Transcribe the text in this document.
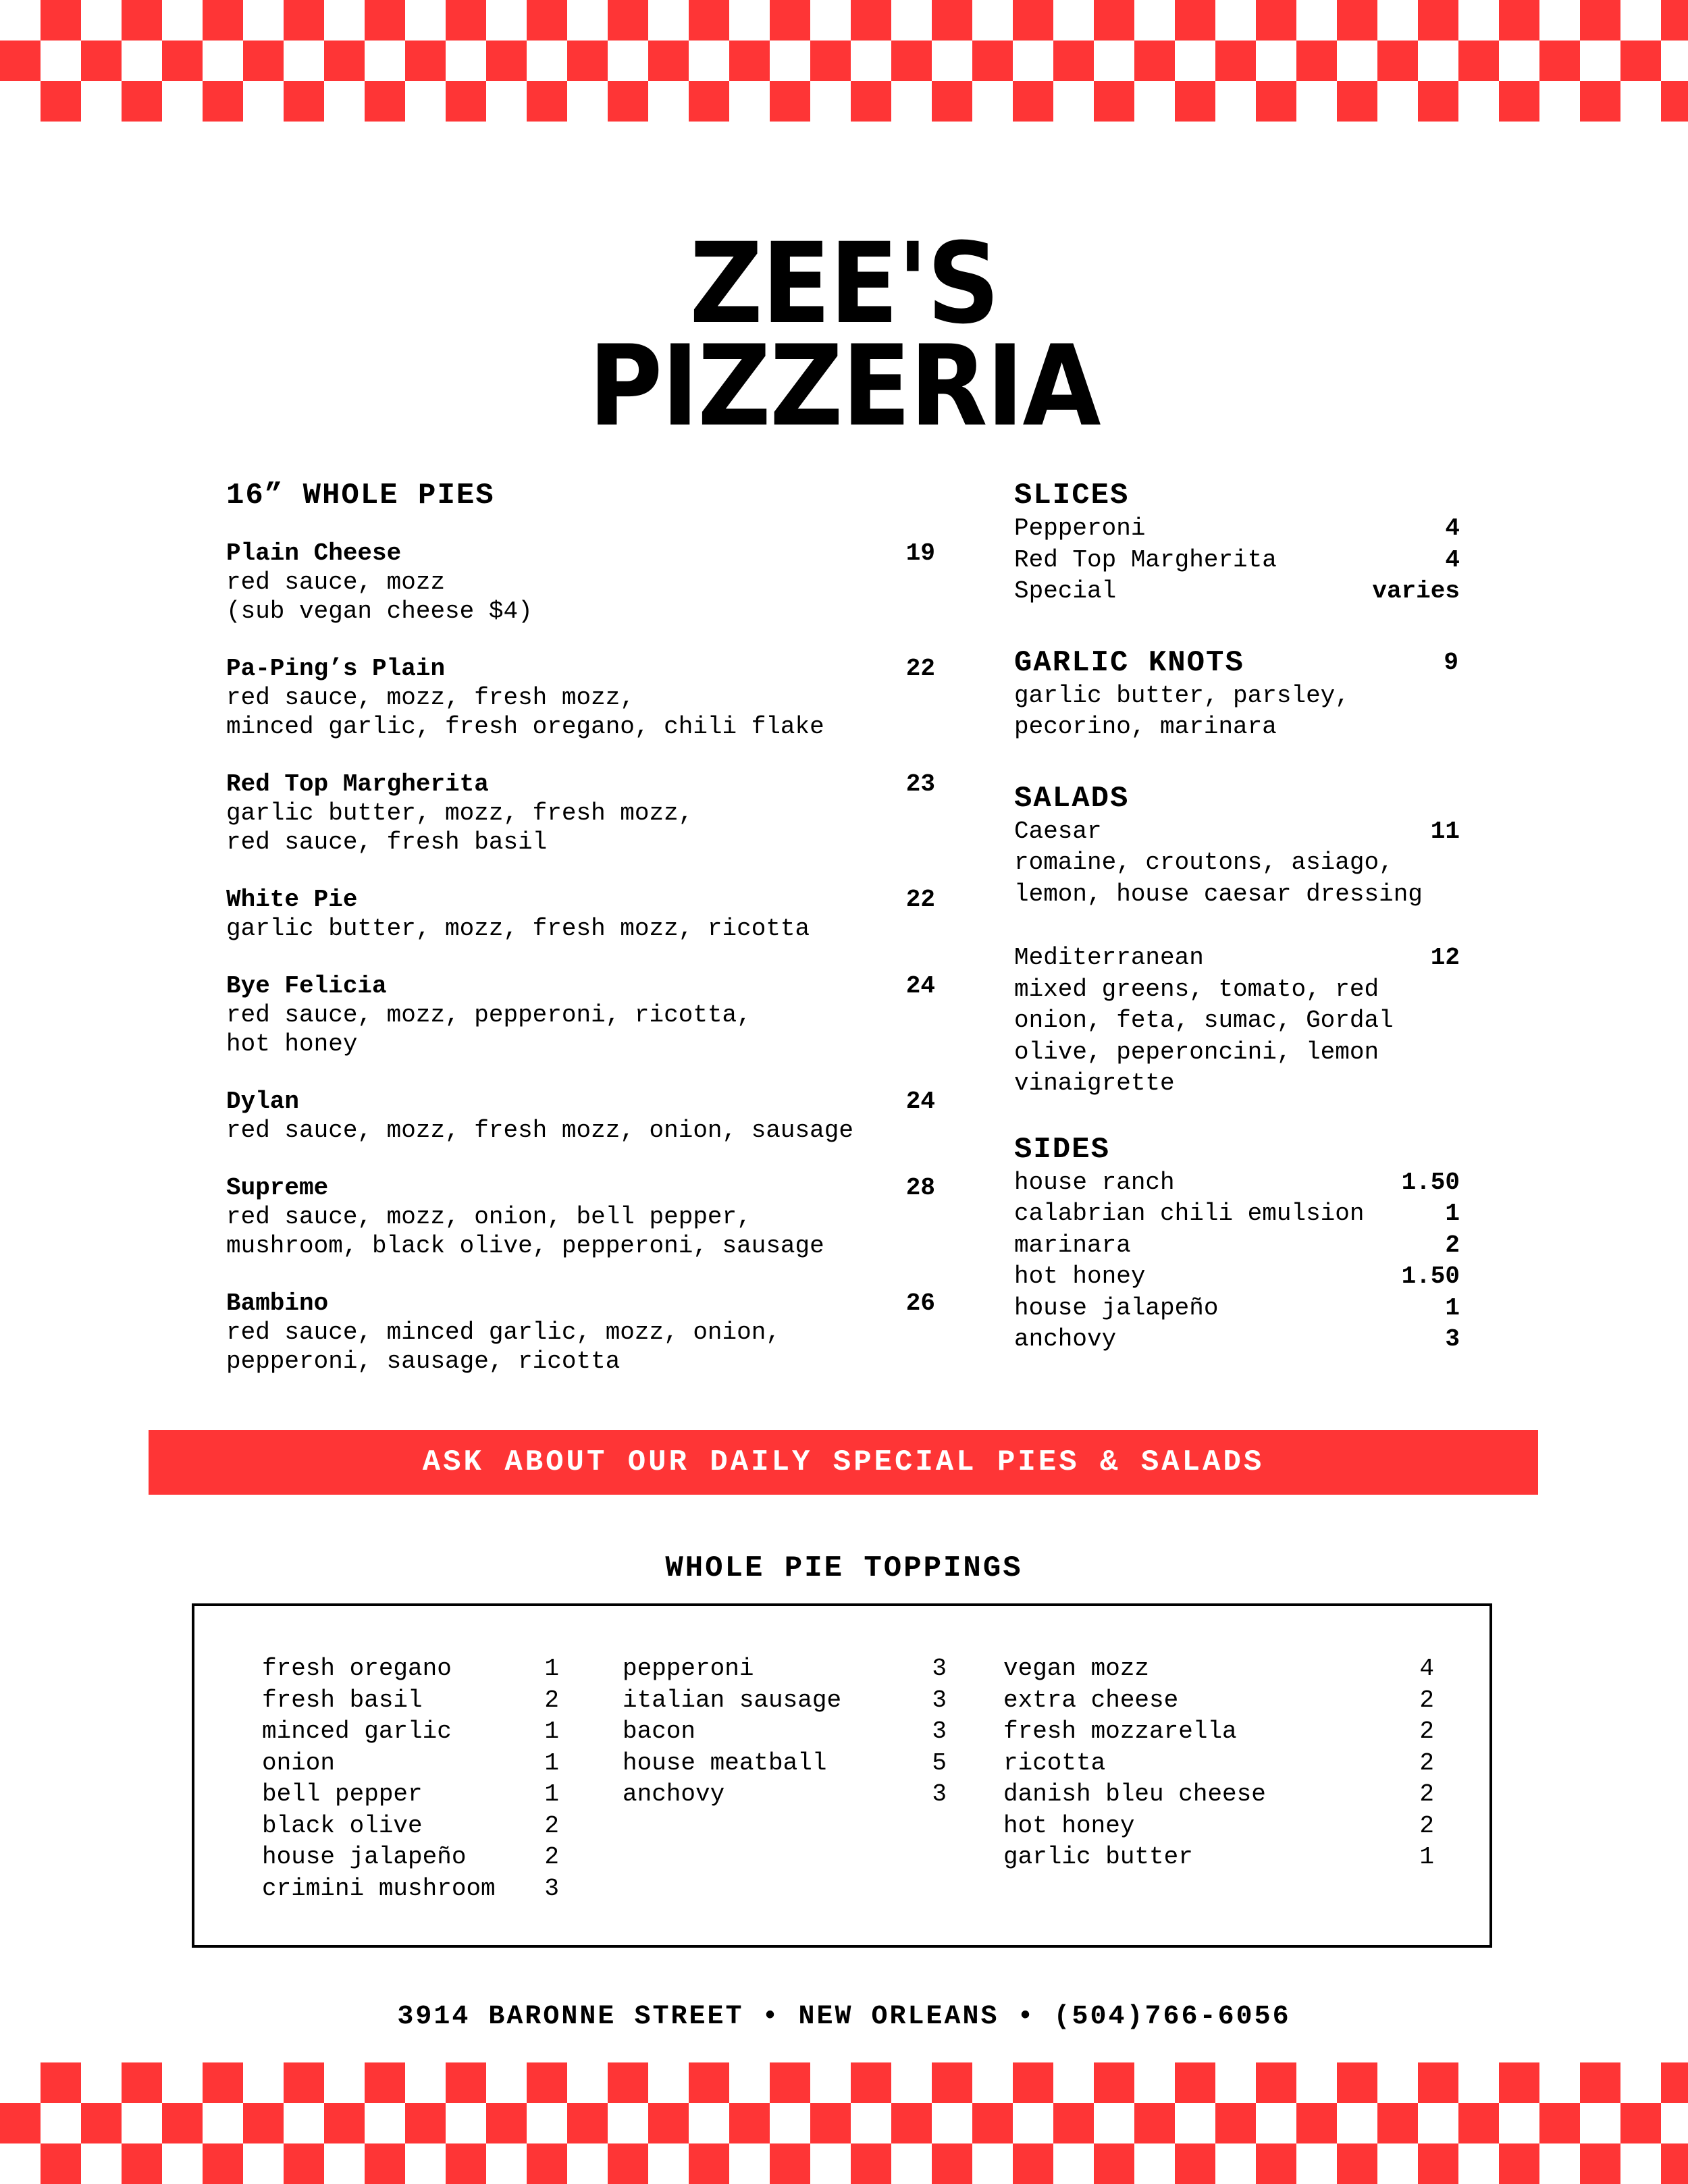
ZEE'S
PIZZERIA
16” WHOLE PIES
Plain Cheese	19
red sauce, mozz
(sub vegan cheese $4)
Pa-Ping’s Plain	22
red sauce, mozz, fresh mozz,
minced garlic, fresh oregano, chili flake
Red Top Margherita	23
garlic butter, mozz, fresh mozz,
red sauce, fresh basil
White Pie	22
garlic butter, mozz, fresh mozz, ricotta
Bye Felicia	24
red sauce, mozz, pepperoni, ricotta,
hot honey
Dylan	24
red sauce, mozz, fresh mozz, onion, sausage
Supreme	28
red sauce, mozz, onion, bell pepper,
mushroom, black olive, pepperoni, sausage
Bambino	26
red sauce, minced garlic, mozz, onion,
pepperoni, sausage, ricotta
SLICES
Pepperoni	4
Red Top Margherita	4
Special	varies
GARLIC KNOTS	9
garlic butter, parsley,
pecorino, marinara
SALADS
Caesar	11
romaine, croutons, asiago,
lemon, house caesar dressing
Mediterranean	12
mixed greens, tomato, red
onion, feta, sumac, Gordal
olive, peperoncini, lemon
vinaigrette
SIDES
house ranch	1.50
calabrian chili emulsion	1
marinara	2
hot honey	1.50
house jalapeño	1
anchovy	3
ASK ABOUT OUR DAILY SPECIAL PIES & SALADS
WHOLE PIE TOPPINGS
fresh oregano	1
fresh basil	2
minced garlic	1
onion	1
bell pepper	1
black olive	2
house jalapeño	2
crimini mushroom 3
pepperoni	3
italian sausage	3
bacon	3
house meatball	5
anchovy	3
vegan mozz	4
extra cheese	2
fresh mozzarella	2
ricotta	2
danish bleu cheese	2
hot honey	2
garlic butter	1
3914 BARONNE STREET • NEW ORLEANS • (504)766-6056
